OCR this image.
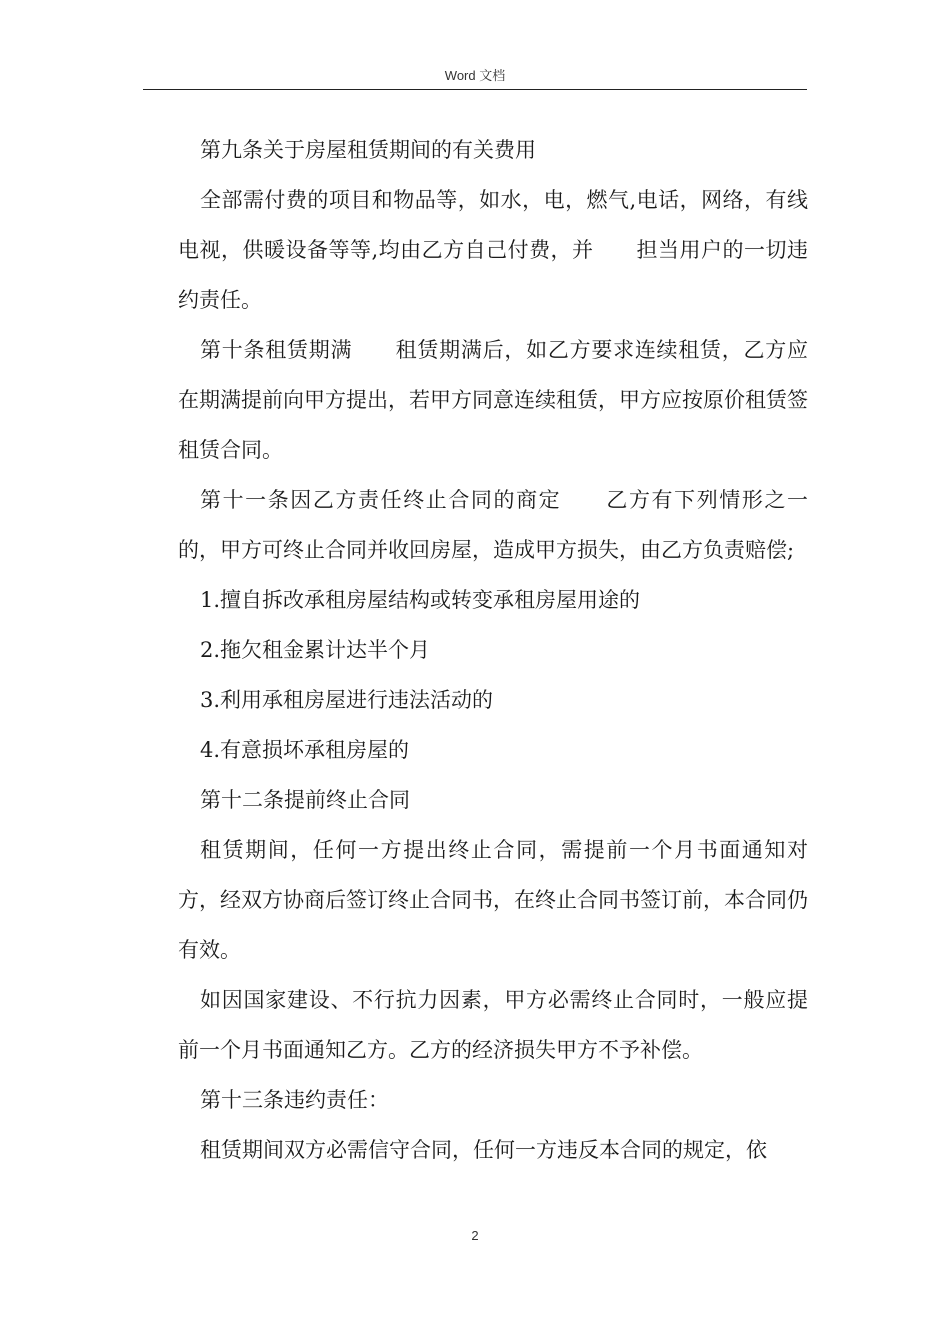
Word 文档

第九条关于房屋租赁期间的有关费用

全部需付费的项目和物品等，如水，电，燃气,电话，网络，有线电视，供暖设备等等,均由乙方自己付费，并　　担当用户的一切违约责任。

第十条租赁期满　　租赁期满后，如乙方要求连续租赁，乙方应在期满提前向甲方提出，若甲方同意连续租赁，甲方应按原价租赁签租赁合同。

第十一条因乙方责任终止合同的商定　　乙方有下列情形之一的，甲方可终止合同并收回房屋，造成甲方损失，由乙方负责赔偿;

1.擅自拆改承租房屋结构或转变承租房屋用途的

2.拖欠租金累计达半个月

3.利用承租房屋进行违法活动的

4.有意损坏承租房屋的

第十二条提前终止合同

租赁期间，任何一方提出终止合同，需提前一个月书面通知对方，经双方协商后签订终止合同书，在终止合同书签订前，本合同仍有效。

如因国家建设、不行抗力因素，甲方必需终止合同时，一般应提前一个月书面通知乙方。乙方的经济损失甲方不予补偿。

第十三条违约责任：

租赁期间双方必需信守合同，任何一方违反本合同的规定，依

2
